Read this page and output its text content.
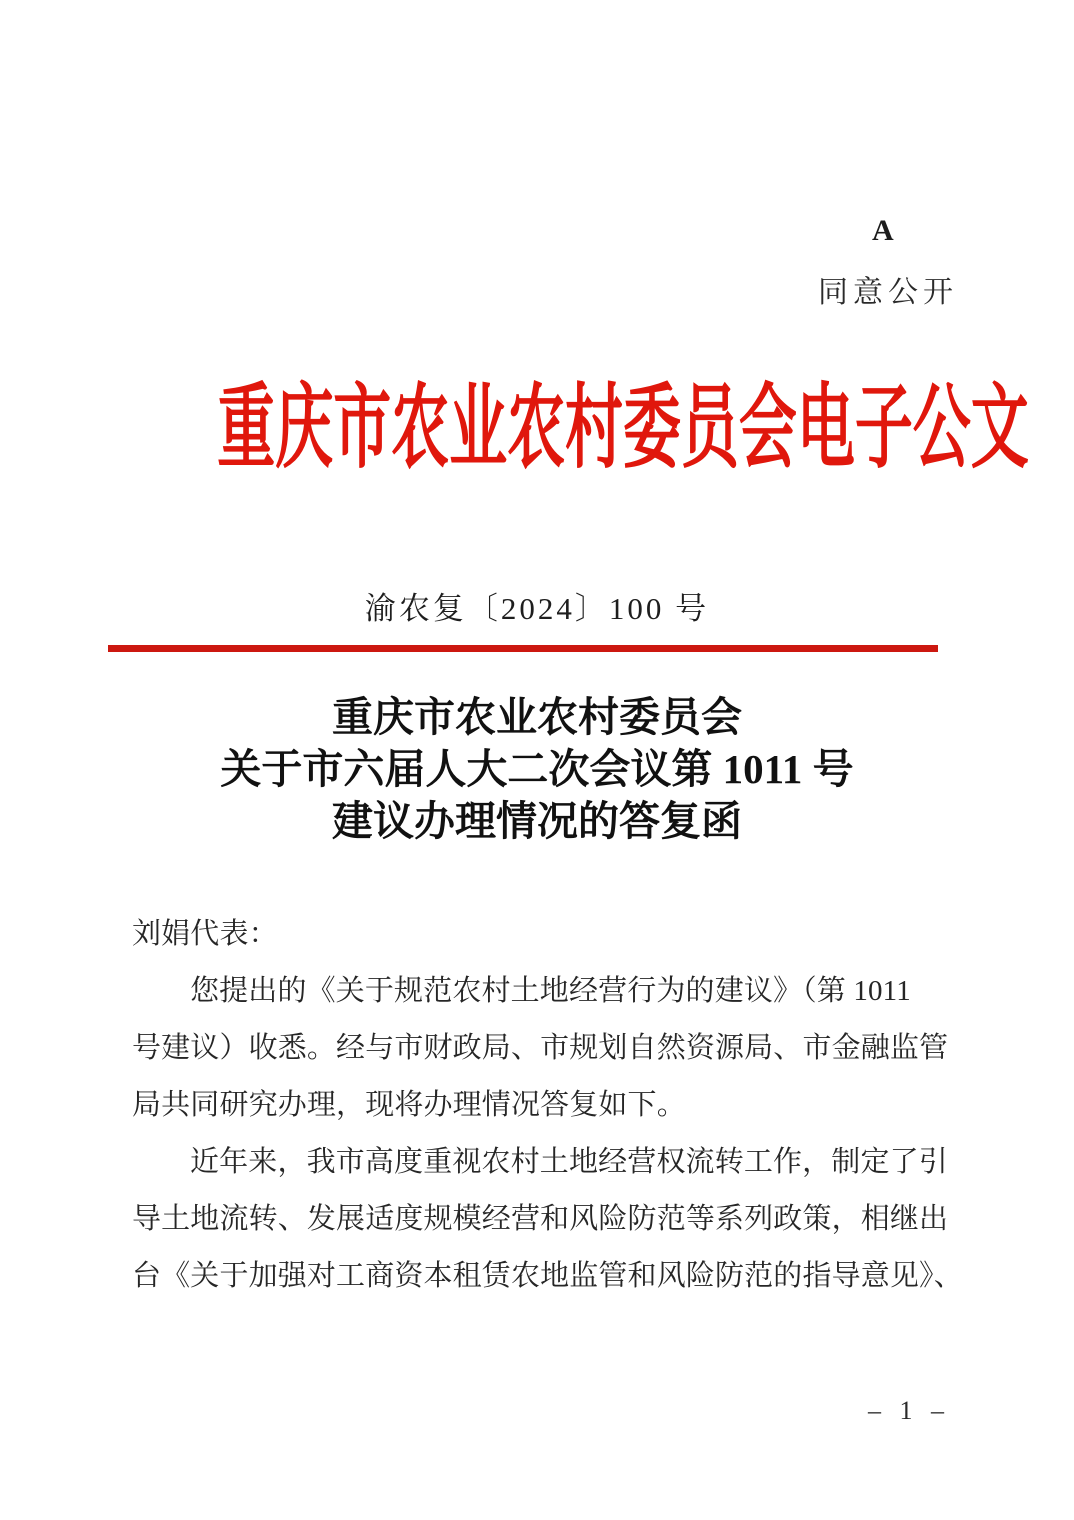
A
同意公开
重庆市农业农村委员会电子公文
渝农复〔2024〕100 号
重庆市农业农村委员会
关于市六届人大二次会议第 1011 号
建议办理情况的答复函
刘娟代表：
您提出的《关于规范农村土地经营行为的建议》（第 1011
号建议）收悉。经与市财政局、市规划自然资源局、市金融监管
局共同研究办理，现将办理情况答复如下。
近年来，我市高度重视农村土地经营权流转工作，制定了引
导土地流转、发展适度规模经营和风险防范等系列政策，相继出
台《关于加强对工商资本租赁农地监管和风险防范的指导意见》、
– 1 –
